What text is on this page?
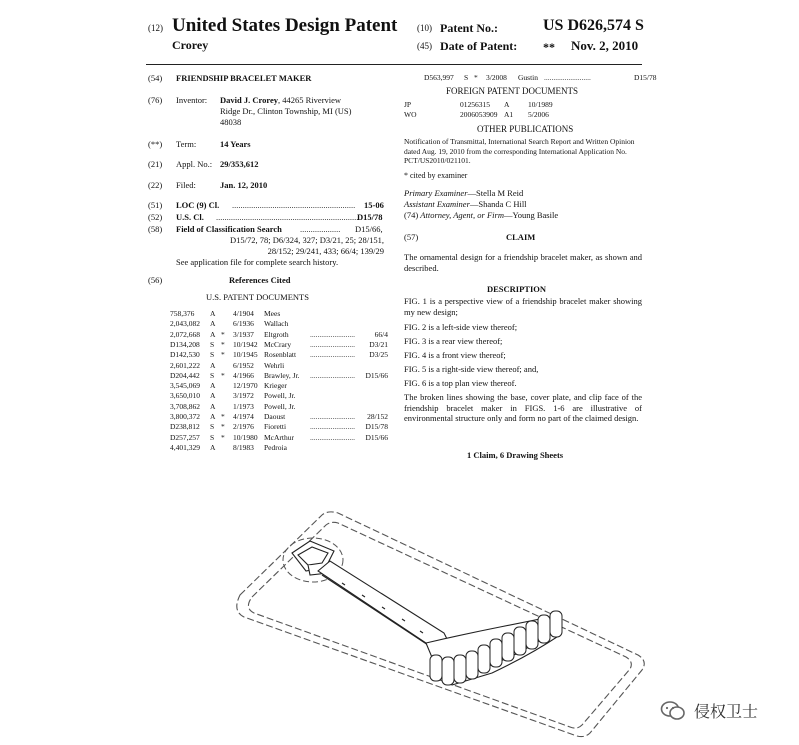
(12) United States Design Patent
Crorey
(10) Patent No.:	US D626,574 S
(45) Date of Patent: ** Nov. 2, 2010
(54) FRIENDSHIP BRACELET MAKER
(76) Inventor: David J. Crorey, 44265 Riverview
Ridge Dr., Clinton Township, MI (US)
48038
(**) Term:	14 Years
(21) Appl. No.: 29/353,612
(22) Filed:	Jan. 12, 2010
(51) LOC (9) Cl. .......................................................... 15-06
(52) U.S. Cl. ...................................................................
D15/78
(58) Field of Classification Search ................... D15/66,
D15/72, 78; D6/324, 327; D3/21, 25; 28/151,
28/152; 29/241, 433; 66/4; 139/29
See application file for complete search history.
(56)	References Cited
U.S. PATENT DOCUMENTS
758,376 A 4/1904 Mees
2,043,082 A 6/1936 Wallach
2,072,668 A * 3/1937 Eltgroth	........................	66/4
D134,208 S * 10/1942 McCrary	........................ D3/21
D142,530 S * 10/1945 Rosenblatt ........................ D3/25
2,601,222 A 6/1952 Wehrli
D204,442 S * 4/1966 Brawley, Jr. ........................ D15/66
3,545,069 A 12/1970 Krieger
3,650,010 A 3/1972 Powell, Jr.
3,708,862 A 1/1973 Powell, Jr.
3,800,372 A * 4/1974 Daoust	........................ 28/152
D238,812 S * 2/1976 Fioretti	........................ D15/78
D257,257 S * 10/1980 McArthur ........................ D15/66
4,401,329 A 8/1983 Pedroia
D563,997 S * 3/2008 Gustin .........................	D15/78
FOREIGN PATENT DOCUMENTS
JP	01256315 A 10/1989
WO	2006053909 A1 5/2006
OTHER PUBLICATIONS
Notification of Transmittal, International Search Report and Written Opinion dated Aug. 19, 2010 from the corresponding International Application No. PCT/US2010/021101.
* cited by examiner
Primary Examiner—Stella M Reid
Assistant Examiner—Shanda C Hill
(74) Attorney, Agent, or Firm—Young Basile
(57)	CLAIM
The ornamental design for a friendship bracelet maker, as shown and described.
DESCRIPTION
FIG. 1 is a perspective view of a friendship bracelet maker showing my new design;
FIG. 2 is a left-side view thereof;
FIG. 3 is a rear view thereof;
FIG. 4 is a front view thereof;
FIG. 5 is a right-side view thereof; and,
FIG. 6 is a top plan view thereof.
The broken lines showing the base, cover plate, and clip face of the friendship bracelet maker in FIGS. 1-6 are illustrative of environmental structure only and form no part of the claimed design.
1 Claim, 6 Drawing Sheets
侵权卫士
